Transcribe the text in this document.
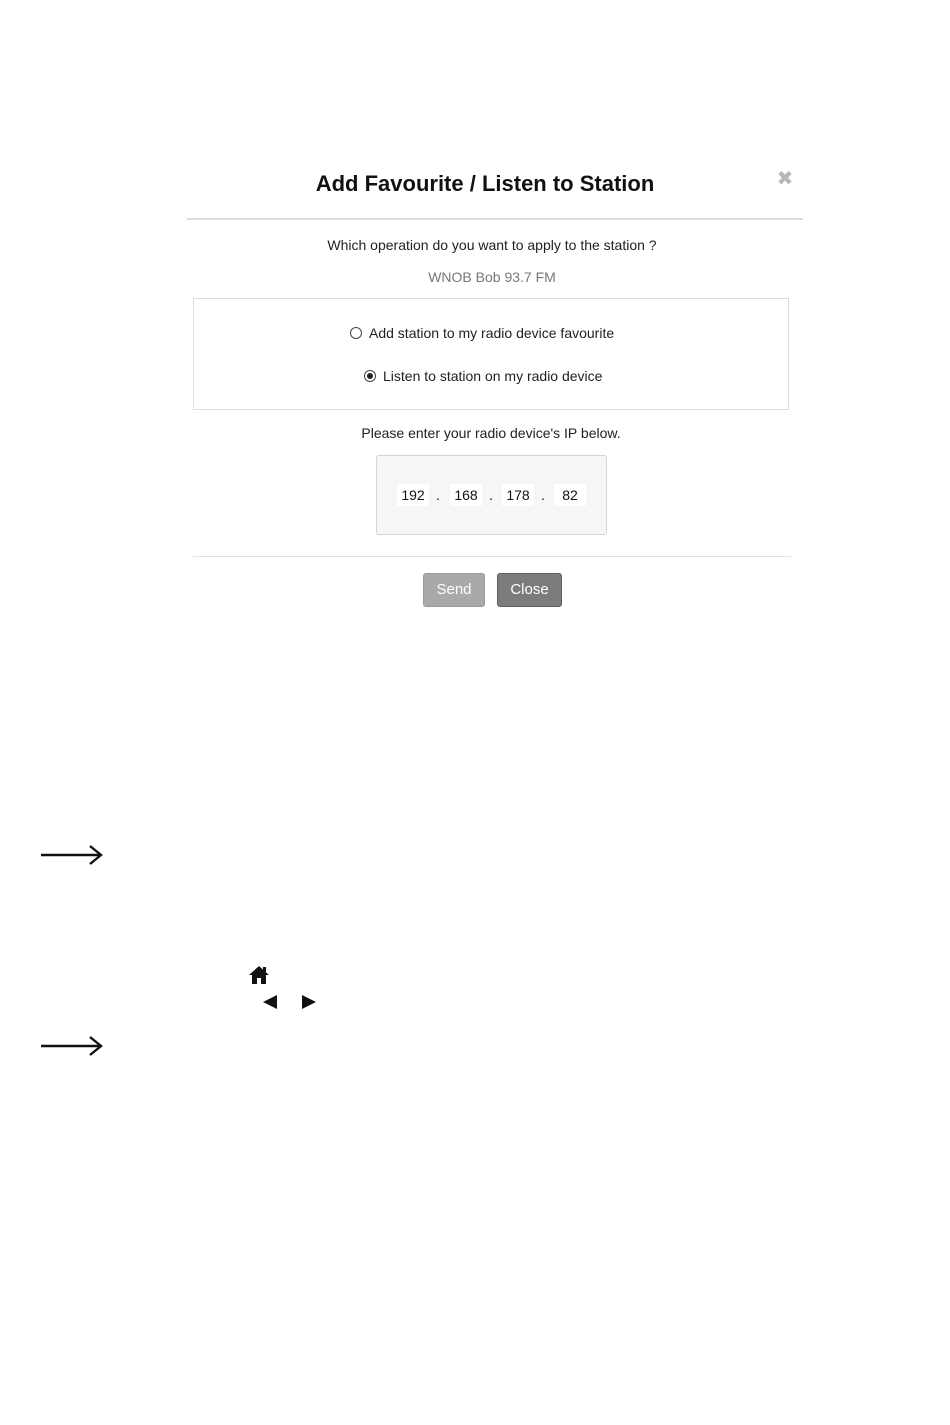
Add Favourite / Listen to Station	✖
Which operation do you want to apply to the station ?
WNOB Bob 93.7 FM
Add station to my radio device favourite
Listen to station on my radio device
Please enter your radio device's IP below.
192 .	168 . 178 .	82
Send	Close
